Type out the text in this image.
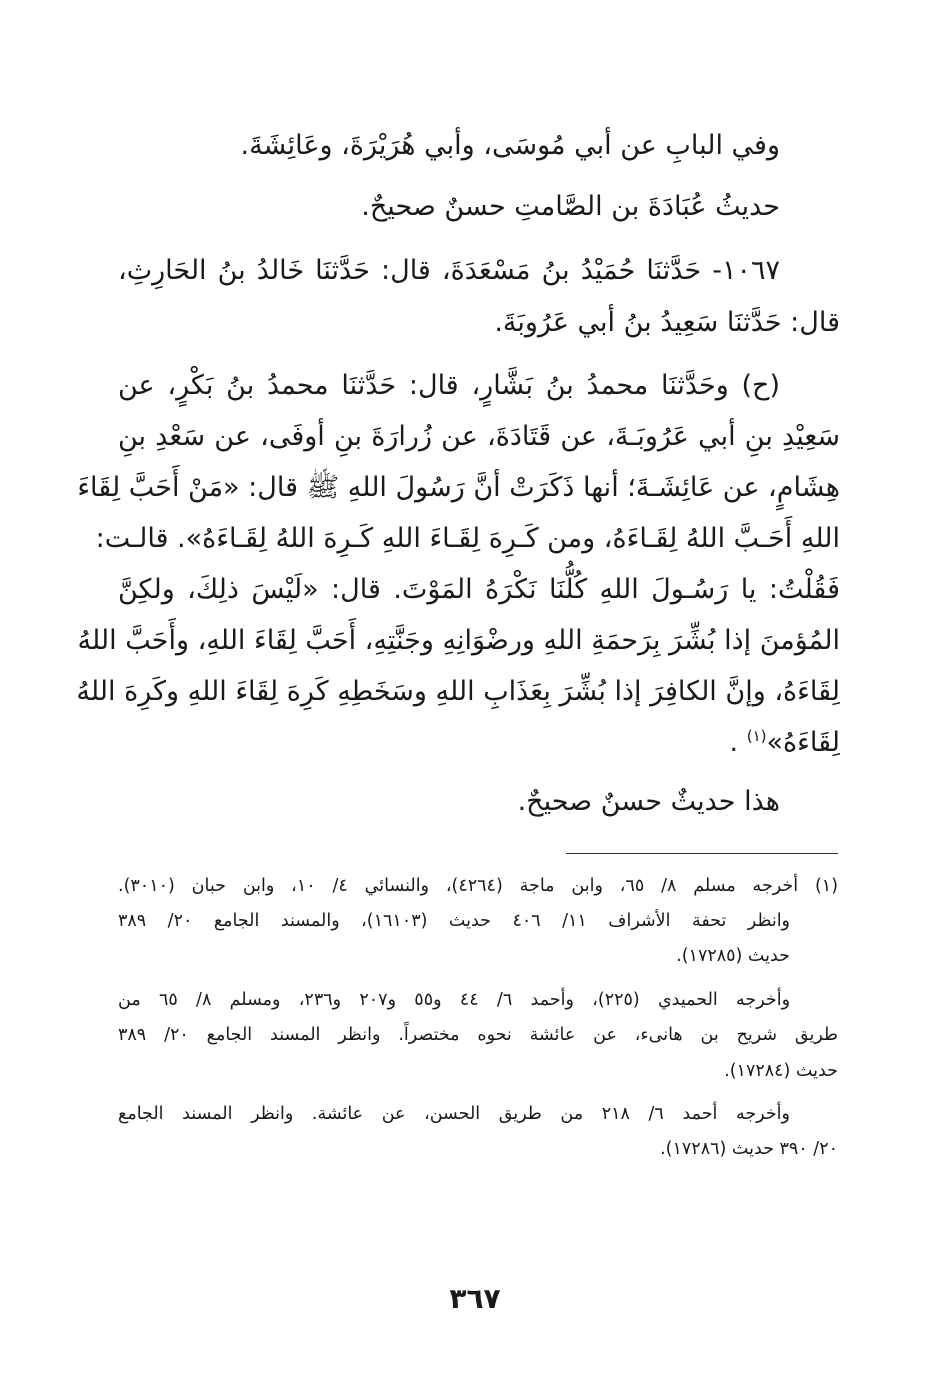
وفي البابِ عن أبي مُوسَى، وأبي هُرَيْرَةَ، وعَائِشَةَ.
حديثُ عُبَادَةَ بن الصَّامتِ حسنٌ صحيحٌ.
١٠٦٧- حَدَّثنَا حُمَيْدُ بنُ مَسْعَدَةَ، قال: حَدَّثنَا خَالدُ بنُ الحَارِثِ،
قال: حَدَّثنَا سَعِيدُ بنُ أبي عَرُوبَةَ.
(ح) وحَدَّثنَا محمدُ بنُ بَشَّارٍ، قال: حَدَّثنَا محمدُ بنُ بَكْرٍ، عن
سَعِيْدِ بنِ أبي عَرُوبَـةَ، عن قَتَادَةَ، عن زُرارَةَ بنِ أوفَى، عن سَعْدِ بنِ
هِشَامٍ، عن عَائِشَـةَ؛ أنها ذَكَرَتْ أنَّ رَسُولَ اللهِ ﷺ قال: «مَنْ أَحَبَّ لِقَاءَ
اللهِ أَحَـبَّ اللهُ لِقَـاءَهُ، ومن كَـرِهَ لِقَـاءَ اللهِ كَـرِهَ اللهُ لِقَـاءَهُ». قالـت:
فَقُلْتُ: يا رَسُـولَ اللهِ كُلُّنَا نَكْرَهُ المَوْتَ. قال: «لَيْسَ ذلِكَ، ولكِنَّ
المُؤمنَ إذا بُشِّرَ بِرَحمَةِ اللهِ ورضْوَانِهِ وجَنَّتِهِ، أَحَبَّ لِقَاءَ اللهِ، وأَحَبَّ اللهُ
لِقَاءَهُ، وإنَّ الكافِرَ إذا بُشِّرَ بِعَذَابِ اللهِ وسَخَطِهِ كَرِهَ لِقَاءَ اللهِ وكَرِهَ اللهُ
لِقَاءَهُ»$^{(١)}$ .
هذا حديثٌ حسنٌ صحيحٌ.
(١) أخرجه مسلم ٨/ ٦٥، وابن ماجة (٤٢٦٤)، والنسائي ٤/ ١٠، وابن حبان (٣٠١٠).
وانظر تحفة الأشراف ١١/ ٤٠٦ حديث (١٦١٠٣)، والمسند الجامع ٢٠/ ٣٨٩
حديث (١٧٢٨٥).
وأخرجه الحميدي (٢٢٥)، وأحمد ٦/ ٤٤ و٥٥ و٢٠٧ و٢٣٦، ومسلم ٨/ ٦٥ من
طريق شريح بن هانىء، عن عائشة نحوه مختصراً. وانظر المسند الجامع ٢٠/ ٣٨٩
حديث (١٧٢٨٤).
وأخرجه أحمد ٦/ ٢١٨ من طريق الحسن، عن عائشة. وانظر المسند الجامع
٢٠/ ٣٩٠ حديث (١٧٢٨٦).
٣٦٧
